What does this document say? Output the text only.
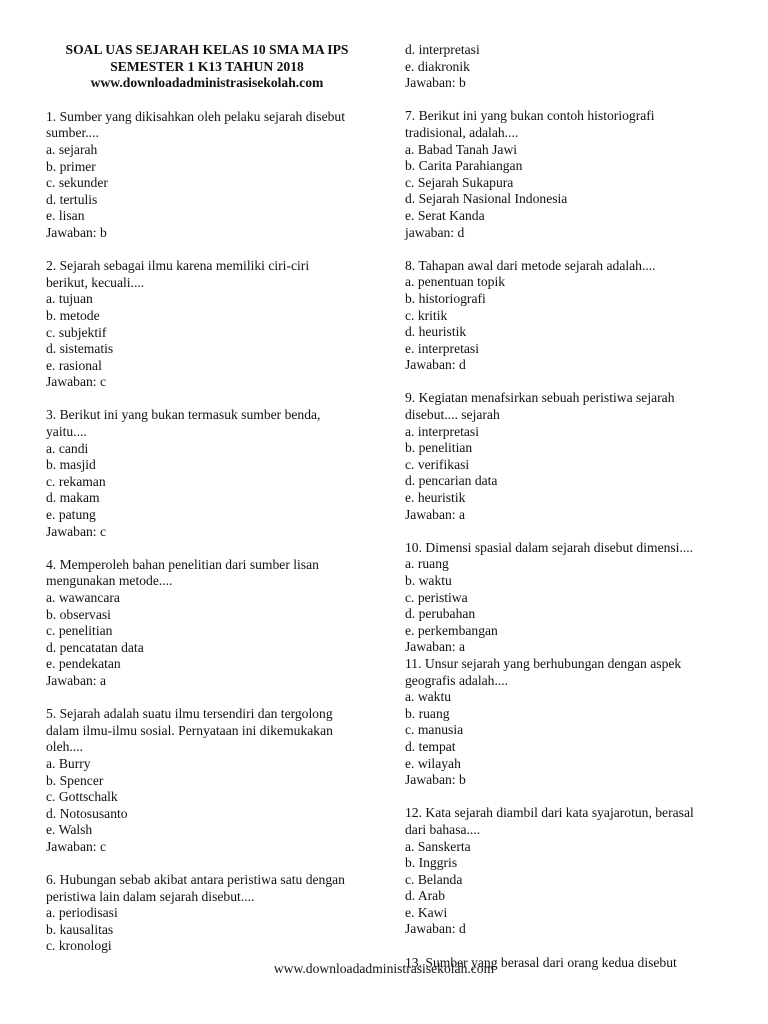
SOAL UAS SEJARAH KELAS 10 SMA MA IPS
SEMESTER 1 K13 TAHUN 2018
www.downloadadministrasisekolah.com
1. Sumber yang dikisahkan oleh pelaku sejarah disebut
sumber....
a. sejarah
b. primer
c. sekunder
d. tertulis
e. lisan
Jawaban: b
2. Sejarah sebagai ilmu karena memiliki ciri-ciri
berikut, kecuali....
a. tujuan
b. metode
c. subjektif
d. sistematis
e. rasional
Jawaban: c
3. Berikut ini yang bukan termasuk sumber benda,
yaitu....
a. candi
b. masjid
c. rekaman
d. makam
e. patung
Jawaban: c
4. Memperoleh bahan penelitian dari sumber lisan
mengunakan metode....
a. wawancara
b. observasi
c. penelitian
d. pencatatan data
e. pendekatan
Jawaban: a
5. Sejarah adalah suatu ilmu tersendiri dan tergolong
dalam ilmu-ilmu sosial. Pernyataan ini dikemukakan
oleh....
a. Burry
b. Spencer
c. Gottschalk
d. Notosusanto
e. Walsh
Jawaban: c
6. Hubungan sebab akibat antara peristiwa satu dengan
peristiwa lain dalam sejarah disebut....
a. periodisasi
b. kausalitas
c. kronologi
d. interpretasi
e. diakronik
Jawaban: b
7. Berikut ini yang bukan contoh historiografi
tradisional, adalah....
a. Babad Tanah Jawi
b. Carita Parahiangan
c. Sejarah Sukapura
d. Sejarah Nasional Indonesia
e. Serat Kanda
jawaban: d
8. Tahapan awal dari metode sejarah adalah....
a. penentuan topik
b. historiografi
c. kritik
d. heuristik
e. interpretasi
Jawaban: d
9. Kegiatan menafsirkan sebuah peristiwa sejarah
disebut.... sejarah
a. interpretasi
b. penelitian
c. verifikasi
d. pencarian data
e. heuristik
Jawaban: a
10. Dimensi spasial dalam sejarah disebut dimensi....
a. ruang
b. waktu
c. peristiwa
d. perubahan
e. perkembangan
Jawaban: a
11. Unsur sejarah yang berhubungan dengan aspek
geografis adalah....
a. waktu
b. ruang
c. manusia
d. tempat
e. wilayah
Jawaban: b
12. Kata sejarah diambil dari kata syajarotun, berasal
dari bahasa....
a. Sanskerta
b. Inggris
c. Belanda
d. Arab
e. Kawi
Jawaban: d
13. Sumber yang berasal dari orang kedua disebut
www.downloadadministrasisekolah.com
